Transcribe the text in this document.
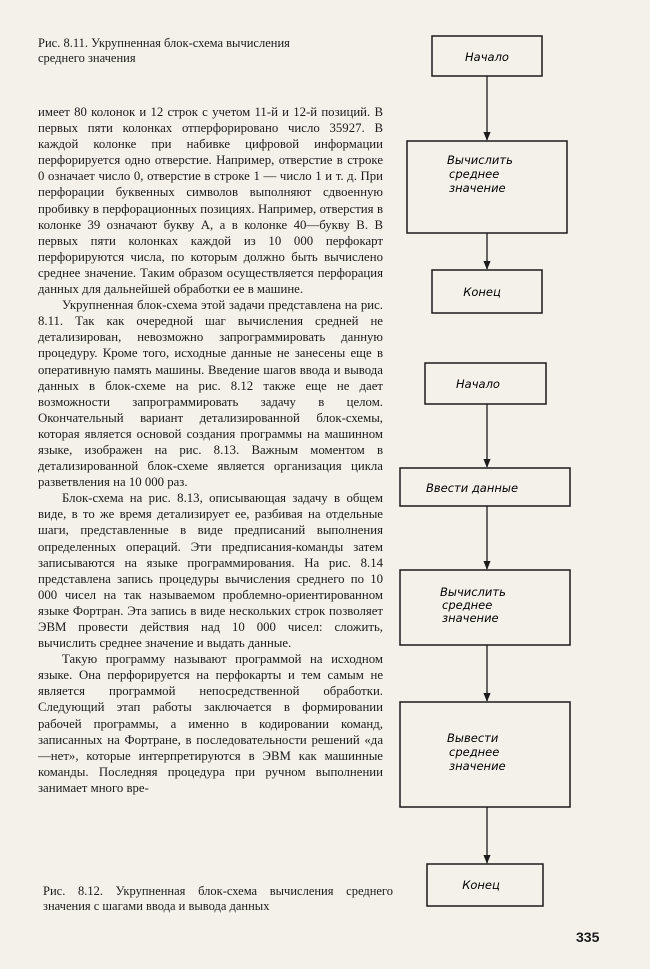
Рис. 8.11. Укрупненная блок-схема вычисления среднего значения

имеет 80 колонок и 12 строк с учетом 11-й и 12-й позиций. В первых пяти колонках отперфорировано число 35927. В каждой колонке при набивке цифровой информации перфорируется одно отверстие. Например, отверстие в строке 0 означает число 0, отверстие в строке 1 — число 1 и т. д. При перфорации буквенных символов выполняют сдвоенную пробивку в перфорационных позициях. Например, отверстия в колонке 39 означают букву А, а в колонке 40—букву В. В первых пяти колонках каждой из 10 000 перфокарт перфорируются числа, по которым должно быть вычислено среднее значение. Таким образом осуществляется перфорация данных для дальнейшей обработки ее в машине.

Укрупненная блок-схема этой задачи представлена на рис. 8.11. Так как очередной шаг вычисления средней не детализирован, невозможно запрограммировать данную процедуру. Кроме того, исходные данные не занесены еще в оперативную память машины. Введение шагов ввода и вывода данных в блок-схеме на рис. 8.12 также еще не дает возможности запрограммировать задачу в целом. Окончательный вариант детализированной блок-схемы, которая является основой создания программы на машинном языке, изображен на рис. 8.13. Важным моментом в детализированной блок-схеме является организация цикла разветвления на 10 000 раз.

Блок-схема на рис. 8.13, описывающая задачу в общем виде, в то же время детализирует ее, разбивая на отдельные шаги, представленные в виде предписаний выполнения определенных операций. Эти предписания-команды затем записываются на языке программирования. На рис. 8.14 представлена запись процедуры вычисления среднего по 10 000 чисел на так называемом проблемно-ориентированном языке Фортран. Эта запись в виде нескольких строк позволяет ЭВМ провести действия над 10 000 чисел: сложить, вычислить среднее значение и выдать данные.

Такую программу называют программой на исходном языке. Она перфорируется на перфокарты и тем самым не является программой непосредственной обработки. Следующий этап работы заключается в формировании рабочей программы, а именно в кодировании команд, записанных на Фортране, в последовательности решений «да—нет», которые интерпретируются в ЭВМ как машинные команды. Последняя процедура при ручном выполнении занимает много вре-

Начало
Вычислить
среднее
значение
Конец
Начало
Ввести данные
Вычислить
среднее
значение
Вывести
среднее
значение
Конец
Рис. 8.12. Укрупненная блок-схема вычисления среднего значения с шагами ввода и вывода данных
335
